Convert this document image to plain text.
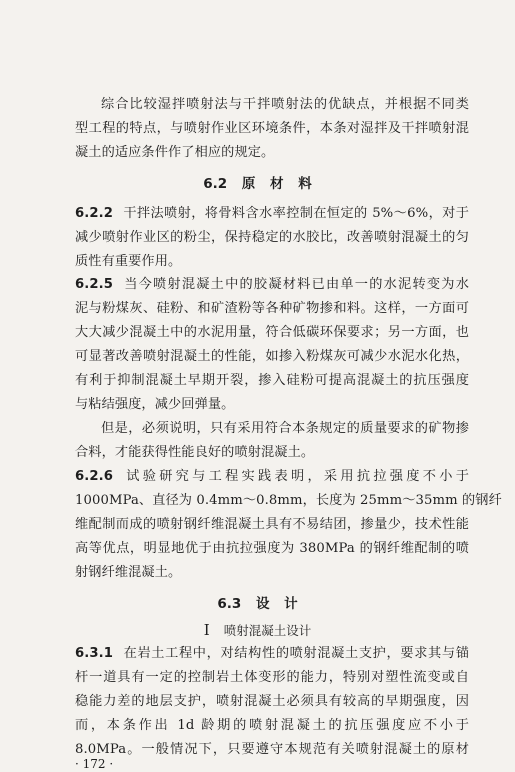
综合比较湿拌喷射法与干拌喷射法的优缺点，并根据不同类
型工程的特点，与喷射作业区环境条件，本条对湿拌及干拌喷射混
凝土的适应条件作了相应的规定。
6.2 原 材 料
6.2.2 干拌法喷射，将骨料含水率控制在恒定的 5%～6%，对于
减少喷射作业区的粉尘，保持稳定的水胶比，改善喷射混凝土的匀
质性有重要作用。
6.2.5 当今喷射混凝土中的胶凝材料已由单一的水泥转变为水
泥与粉煤灰、硅粉、和矿渣粉等各种矿物掺和料。这样，一方面可
大大减少混凝土中的水泥用量，符合低碳环保要求；另一方面，也
可显著改善喷射混凝土的性能，如掺入粉煤灰可减少水泥水化热，
有利于抑制混凝土早期开裂，掺入硅粉可提高混凝土的抗压强度
与粘结强度，减少回弹量。
但是，必须说明，只有采用符合本条规定的质量要求的矿物掺
合料，才能获得性能良好的喷射混凝土。
6.2.6 试验研究与工程实践表明，采用抗拉强度不小于
1000MPa、直径为 0.4mm～0.8mm，长度为 25mm～35mm 的钢纤
维配制而成的喷射钢纤维混凝土具有不易结团，掺量少，技术性能
高等优点，明显地优于由抗拉强度为 380MPa 的钢纤维配制的喷
射钢纤维混凝土。
6.3 设 计
Ⅰ 喷射混凝土设计
6.3.1 在岩土工程中，对结构性的喷射混凝土支护，要求其与锚
杆一道具有一定的控制岩土体变形的能力，特别对塑性流变或自
稳能力差的地层支护，喷射混凝土必须具有较高的早期强度，因
而，本条作出 1d 龄期的喷射混凝土的抗压强度应不小于
8.0MPa。一般情况下，只要遵守本规范有关喷射混凝土的原材
· 172 ·
